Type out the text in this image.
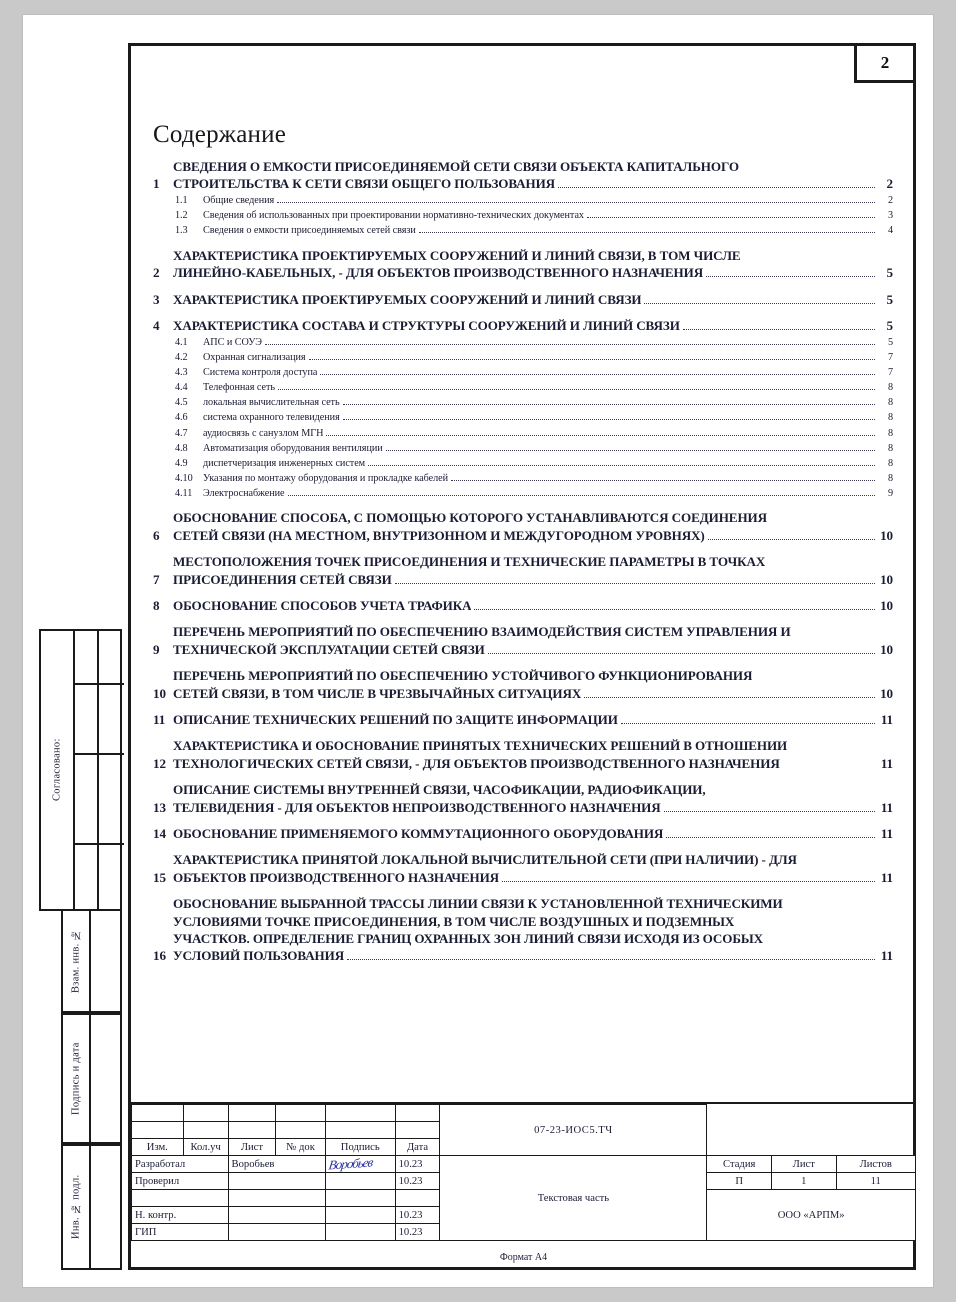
2
Содержание
1
СВЕДЕНИЯ О ЕМКОСТИ ПРИСОЕДИНЯЕМОЙ СЕТИ СВЯЗИ ОБЪЕКТА КАПИТАЛЬНОГО
СТРОИТЕЛЬСТВА К СЕТИ СВЯЗИ ОБЩЕГО ПОЛЬЗОВАНИЯ	2
1.1	Общие сведения	2
1.2	Сведения об использованных при проектировании нормативно-технических документах	3
1.3	Сведения о емкости присоединяемых сетей связи	4
2
ХАРАКТЕРИСТИКА ПРОЕКТИРУЕМЫХ СООРУЖЕНИЙ И ЛИНИЙ СВЯЗИ, В ТОМ ЧИСЛЕ
ЛИНЕЙНО-КАБЕЛЬНЫХ, - ДЛЯ ОБЪЕКТОВ ПРОИЗВОДСТВЕННОГО НАЗНАЧЕНИЯ	5
3	ХАРАКТЕРИСТИКА ПРОЕКТИРУЕМЫХ СООРУЖЕНИЙ И ЛИНИЙ СВЯЗИ	5
4	ХАРАКТЕРИСТИКА СОСТАВА И СТРУКТУРЫ СООРУЖЕНИЙ И ЛИНИЙ СВЯЗИ	5
4.1	АПС и СОУЭ	5
4.2	Охранная сигнализация	7
4.3	Система контроля доступа	7
4.4	Телефонная сеть	8
4.5	локальная вычислительная сеть	8
4.6	система охранного телевидения	8
4.7	аудиосвязь с санузлом МГН	8
4.8	Автоматизация оборудования вентиляции	8
4.9	диспетчеризация инженерных систем	8
4.10	Указания по монтажу оборудования и прокладке кабелей	8
4.11	Электроснабжение	9
6
ОБОСНОВАНИЕ СПОСОБА, С ПОМОЩЬЮ КОТОРОГО УСТАНАВЛИВАЮТСЯ СОЕДИНЕНИЯ
СЕТЕЙ СВЯЗИ (НА МЕСТНОМ, ВНУТРИЗОННОМ И МЕЖДУГОРОДНОМ УРОВНЯХ)	10
7
МЕСТОПОЛОЖЕНИЯ ТОЧЕК ПРИСОЕДИНЕНИЯ И ТЕХНИЧЕСКИЕ ПАРАМЕТРЫ В ТОЧКАХ
ПРИСОЕДИНЕНИЯ СЕТЕЙ СВЯЗИ	10
8	ОБОСНОВАНИЕ СПОСОБОВ УЧЕТА ТРАФИКА	10
9
ПЕРЕЧЕНЬ МЕРОПРИЯТИЙ ПО ОБЕСПЕЧЕНИЮ ВЗАИМОДЕЙСТВИЯ СИСТЕМ УПРАВЛЕНИЯ И
ТЕХНИЧЕСКОЙ ЭКСПЛУАТАЦИИ СЕТЕЙ СВЯЗИ	10
10
ПЕРЕЧЕНЬ МЕРОПРИЯТИЙ ПО ОБЕСПЕЧЕНИЮ УСТОЙЧИВОГО ФУНКЦИОНИРОВАНИЯ
СЕТЕЙ СВЯЗИ, В ТОМ ЧИСЛЕ В ЧРЕЗВЫЧАЙНЫХ СИТУАЦИЯХ	10
11 ОПИСАНИЕ ТЕХНИЧЕСКИХ РЕШЕНИЙ ПО ЗАЩИТЕ ИНФОРМАЦИИ	11
12
ХАРАКТЕРИСТИКА И ОБОСНОВАНИЕ ПРИНЯТЫХ ТЕХНИЧЕСКИХ РЕШЕНИЙ В ОТНОШЕНИИ
ТЕХНОЛОГИЧЕСКИХ СЕТЕЙ СВЯЗИ, - ДЛЯ ОБЪЕКТОВ ПРОИЗВОДСТВЕННОГО НАЗНАЧЕНИЯ	11
13
ОПИСАНИЕ СИСТЕМЫ ВНУТРЕННЕЙ СВЯЗИ, ЧАСОФИКАЦИИ, РАДИОФИКАЦИИ,
ТЕЛЕВИДЕНИЯ - ДЛЯ ОБЪЕКТОВ НЕПРОИЗВОДСТВЕННОГО НАЗНАЧЕНИЯ	11
14 ОБОСНОВАНИЕ ПРИМЕНЯЕМОГО КОММУТАЦИОННОГО ОБОРУДОВАНИЯ	11
15
ХАРАКТЕРИСТИКА ПРИНЯТОЙ ЛОКАЛЬНОЙ ВЫЧИСЛИТЕЛЬНОЙ СЕТИ (ПРИ НАЛИЧИИ) - ДЛЯ
ОБЪЕКТОВ ПРОИЗВОДСТВЕННОГО НАЗНАЧЕНИЯ	11
16
ОБОСНОВАНИЕ ВЫБРАННОЙ ТРАССЫ ЛИНИИ СВЯЗИ К УСТАНОВЛЕННОЙ ТЕХНИЧЕСКИМИ
УСЛОВИЯМИ ТОЧКЕ ПРИСОЕДИНЕНИЯ, В ТОМ ЧИСЛЕ ВОЗДУШНЫХ И ПОДЗЕМНЫХ
УЧАСТКОВ. ОПРЕДЕЛЕНИЕ ГРАНИЦ ОХРАННЫХ ЗОН ЛИНИЙ СВЯЗИ ИСХОДЯ ИЗ ОСОБЫХ
УСЛОВИЙ ПОЛЬЗОВАНИЯ	11

						07-23-ИОС5.ТЧ			

Изм.	Кол.уч	Лист	№ док	Подпись	Дата				
Разработал		Воробьев		Воробьев	10.23	Текстовая часть	Стадия	Лист	Листов
Проверил					10.23		П	1	11
							ООО «АРПМ»		
Н. контр.					10.23				
ГИП					10.23				
Формат А4
Согласовано:
Взам. инв. №
Подпись и дата
Инв. № подл.
